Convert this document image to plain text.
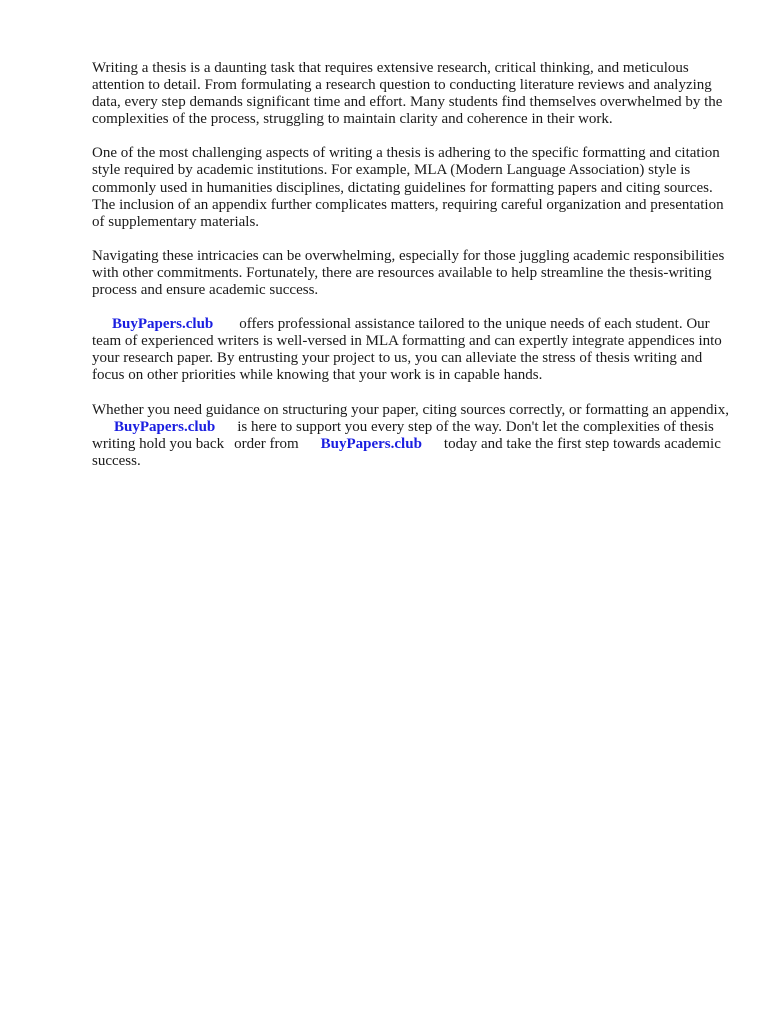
Writing a thesis is a daunting task that requires extensive research, critical thinking, and meticulous attention to detail. From formulating a research question to conducting literature reviews and analyzing data, every step demands significant time and effort. Many students find themselves overwhelmed by the complexities of the process, struggling to maintain clarity and coherence in their work.

One of the most challenging aspects of writing a thesis is adhering to the specific formatting and citation style required by academic institutions. For example, MLA (Modern Language Association) style is commonly used in humanities disciplines, dictating guidelines for formatting papers and citing sources. The inclusion of an appendix further complicates matters, requiring careful organization and presentation of supplementary materials.

Navigating these intricacies can be overwhelming, especially for those juggling academic responsibilities with other commitments. Fortunately, there are resources available to help streamline the thesis-writing process and ensure academic success.

BuyPapers.club offers professional assistance tailored to the unique needs of each student. Our team of experienced writers is well-versed in MLA formatting and can expertly integrate appendices into your research paper. By entrusting your project to us, you can alleviate the stress of thesis writing and focus on other priorities while knowing that your work is in capable hands.

Whether you need guidance on structuring your paper, citing sources correctly, or formatting an appendix,BuyPapers.club is here to support you every step of the way. Don't let the complexities of thesis writing hold you back order from BuyPapers.club today and take the first step towards academic success.
